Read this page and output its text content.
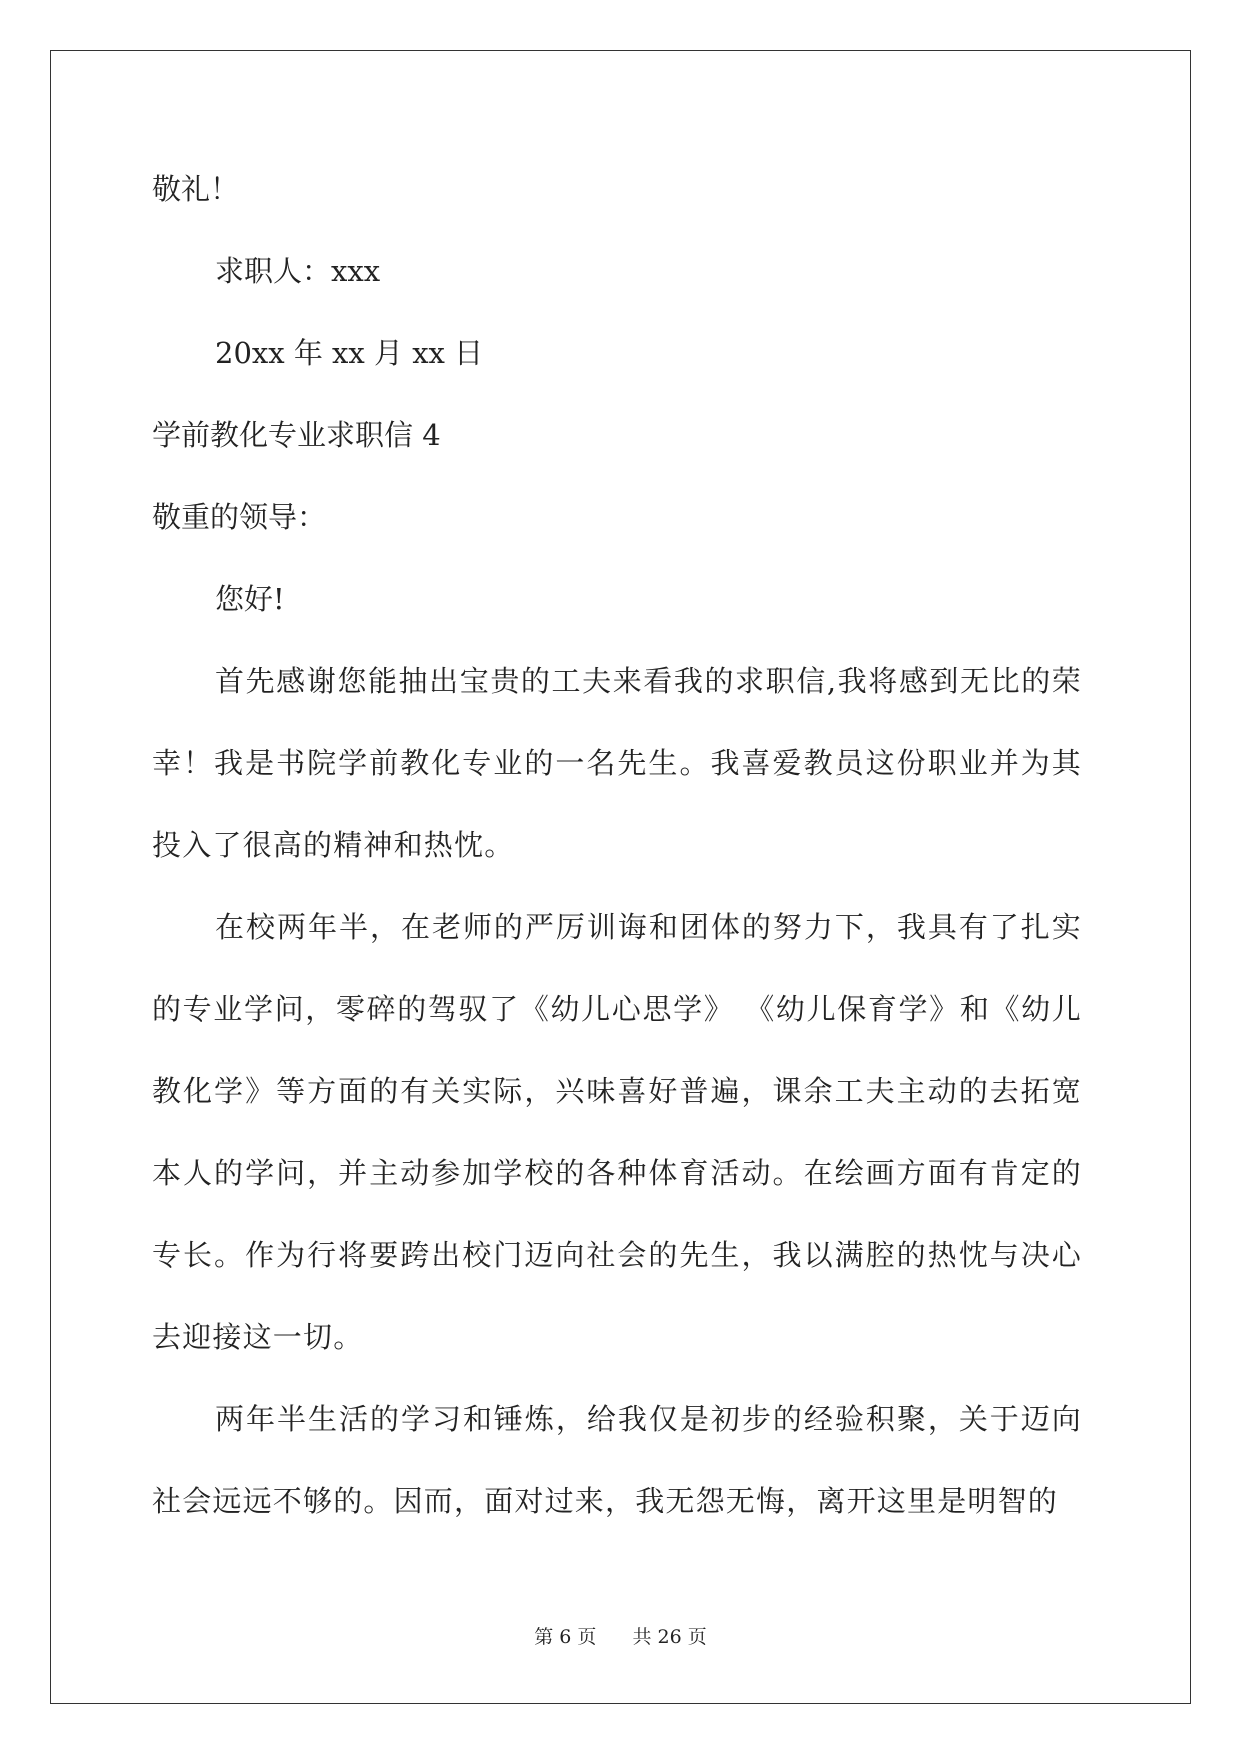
敬礼！
求职人：xxx
20xx 年 xx 月 xx 日
学前教化专业求职信 4
敬重的领导：
您好!

首先感谢您能抽出宝贵的工夫来看我的求职信,我将感到无比的荣幸！我是书院学前教化专业的一名先生。我喜爱教员这份职业并为其投入了很高的精神和热忱。

在校两年半，在老师的严厉训诲和团体的努力下，我具有了扎实的专业学问，零碎的驾驭了《幼儿心思学》 《幼儿保育学》和《幼儿教化学》等方面的有关实际，兴味喜好普遍，课余工夫主动的去拓宽本人的学问，并主动参加学校的各种体育活动。在绘画方面有肯定的专长。作为行将要跨出校门迈向社会的先生，我以满腔的热忱与决心去迎接这一切。

两年半生活的学习和锤炼，给我仅是初步的经验积聚，关于迈向社会远远不够的。因而，面对过来，我无怨无悔，离开这里是明智的

第 6 页 共 26 页
